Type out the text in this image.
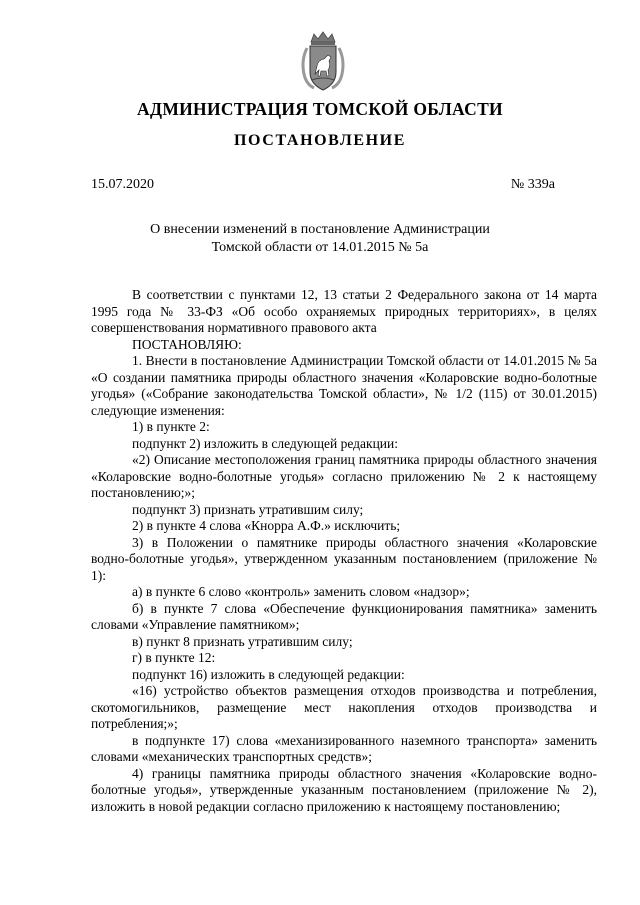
АДМИНИСТРАЦИЯ ТОМСКОЙ ОБЛАСТИ
ПОСТАНОВЛЕНИЕ
15.07.2020	№ 339а
О внесении изменений в постановление Администрации
Томской области от 14.01.2015 № 5а

В соответствии с пунктами 12, 13 статьи 2 Федерального закона от 14 марта 1995 года № 33-ФЗ «Об особо охраняемых природных территориях», в целях совершенствования нормативного правового акта

ПОСТАНОВЛЯЮ:

1. Внести в постановление Администрации Томской области от 14.01.2015 № 5а «О создании памятника природы областного значения «Коларовские водно-болотные угодья» («Собрание законодательства Томской области», № 1/2 (115) от 30.01.2015) следующие изменения:

1) в пункте 2:

подпункт 2) изложить в следующей редакции:

«2) Описание местоположения границ памятника природы областного значения «Коларовские водно-болотные угодья» согласно приложению № 2 к настоящему постановлению;»;

подпункт 3) признать утратившим силу;

2) в пункте 4 слова «Кнорра А.Ф.» исключить;

3) в Положении о памятнике природы областного значения «Коларовские водно-болотные угодья», утвержденном указанным постановлением (приложение № 1):

а) в пункте 6 слово «контроль» заменить словом «надзор»;

б) в пункте 7 слова «Обеспечение функционирования памятника» заменить словами «Управление памятником»;

в) пункт 8 признать утратившим силу;

г) в пункте 12:

подпункт 16) изложить в следующей редакции:

«16) устройство объектов размещения отходов производства и потребления, скотомогильников, размещение мест накопления отходов производства и потребления;»;

в подпункте 17) слова «механизированного наземного транспорта» заменить словами «механических транспортных средств»;

4) границы памятника природы областного значения «Коларовские водно-болотные угодья», утвержденные указанным постановлением (приложение № 2), изложить в новой редакции согласно приложению к настоящему постановлению;
